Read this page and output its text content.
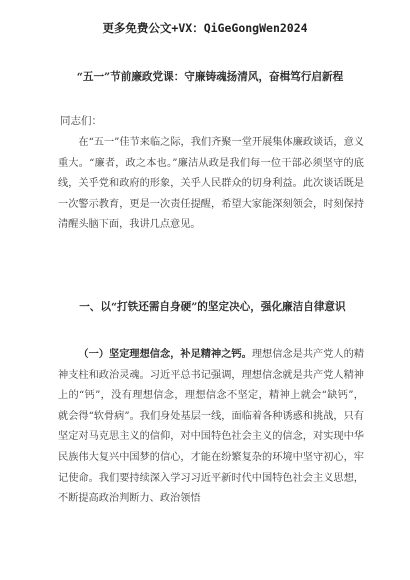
更多免费公文+VX：QiGeGongWen2024
“五一”节前廉政党课：守廉铸魂扬清风，奋楫笃行启新程
同志们：
在“五一”佳节来临之际，我们齐聚一堂开展集体廉政谈话，意义重大。“廉者，政之本也。”廉洁从政是我们每一位干部必须坚守的底线，关乎党和政府的形象，关乎人民群众的切身利益。此次谈话既是一次警示教育，更是一次责任提醒，希望大家能深刻领会，时刻保持清醒头脑下面，我讲几点意见。
一、以“打铁还需自身硬”的坚定决心，强化廉洁自律意识
（一）坚定理想信念，补足精神之钙。理想信念是共产党人的精神支柱和政治灵魂。习近平总书记强调，理想信念就是共产党人精神上的“钙”，没有理想信念，理想信念不坚定，精神上就会“缺钙”，就会得“软骨病”。我们身处基层一线，面临着各种诱惑和挑战，只有坚定对马克思主义的信仰，对中国特色社会主义的信念，对实现中华民族伟大复兴中国梦的信心，才能在纷繁复杂的环境中坚守初心，牢记使命。我们要持续深入学习习近平新时代中国特色社会主义思想，不断提高政治判断力、政治领悟
